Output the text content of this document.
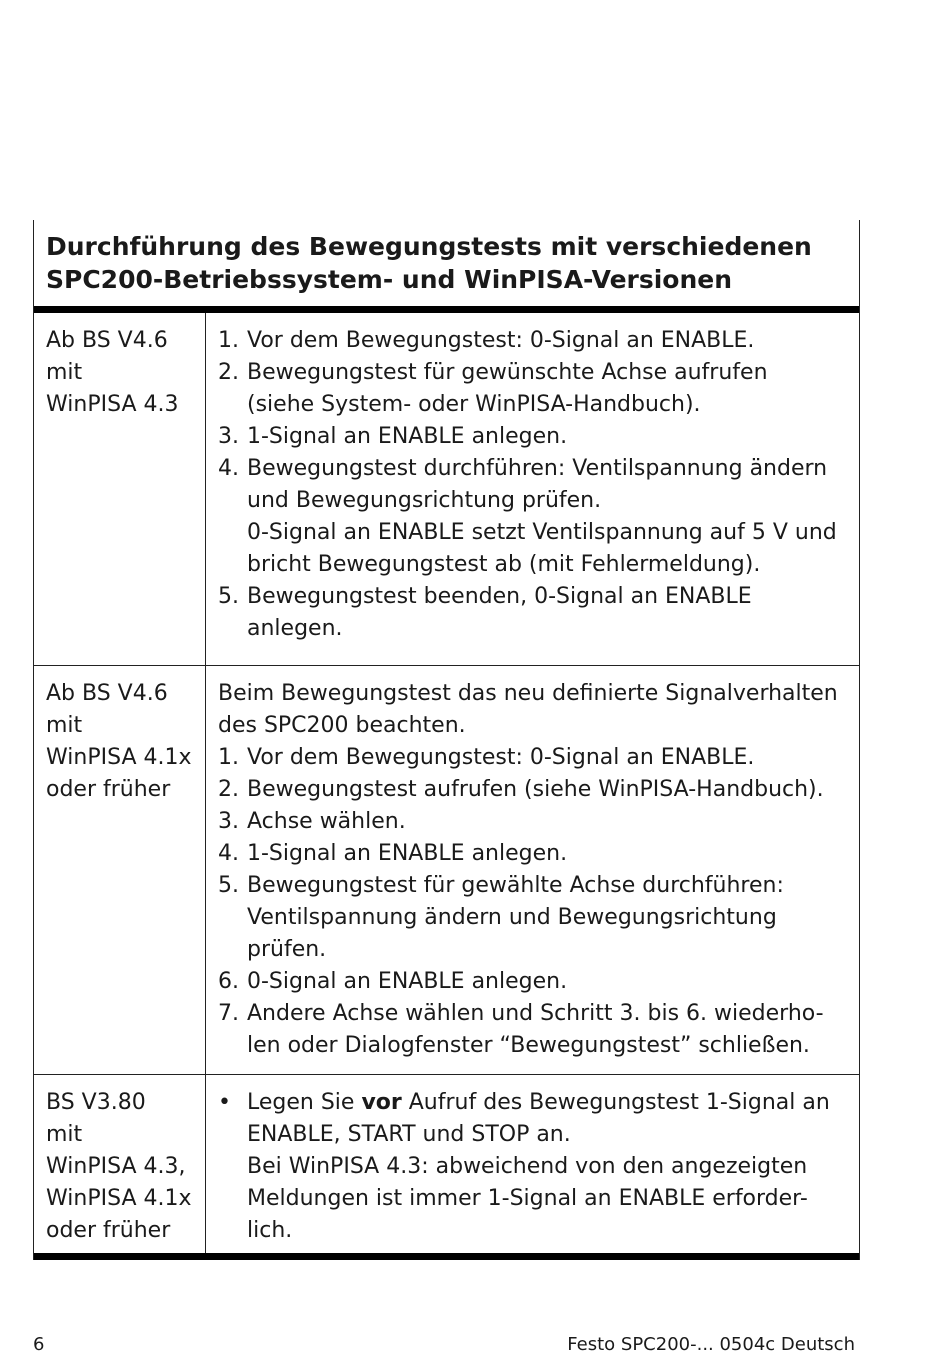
Durchführung des Bewegungstests mit verschiedenen
SPC200-Betriebssystem- und WinPISA-Versionen
Ab BS V4.6
mit
WinPISA 4.3
1. Vor dem Bewegungstest: 0-Signal an ENABLE.
2. Bewegungstest für gewünschte Achse aufrufen
(siehe System- oder WinPISA-Handbuch).
3. 1-Signal an ENABLE anlegen.
4. Bewegungstest durchführen: Ventilspannung ändern
und Bewegungsrichtung prüfen.
0-Signal an ENABLE setzt Ventilspannung auf 5 V und
bricht Bewegungstest ab (mit Fehlermeldung).
5. Bewegungstest beenden, 0-Signal an ENABLE
anlegen.
Ab BS V4.6
mit
WinPISA 4.1x
oder früher

Beim Bewegungstest das neu definierte Signalverhalten des SPC200 beachten.

1. Vor dem Bewegungstest: 0-Signal an ENABLE.
2. Bewegungstest aufrufen (siehe WinPISA-Handbuch).
3. Achse wählen.
4. 1-Signal an ENABLE anlegen.
5. Bewegungstest für gewählte Achse durchführen:
Ventilspannung ändern und Bewegungsrichtung
prüfen.
6. 0-Signal an ENABLE anlegen.
7. Andere Achse wählen und Schritt 3. bis 6. wiederho-
len oder Dialogfenster “Bewegungstest” schließen.
BS V3.80
mit
WinPISA 4.3,
WinPISA 4.1x
oder früher
• Legen Sie vor Aufruf des Bewegungstest 1-Signal an
ENABLE, START und STOP an.
Bei WinPISA 4.3: abweichend von den angezeigten
Meldungen ist immer 1-Signal an ENABLE erforder-
lich.
6	Festo SPC200-... 0504c Deutsch
